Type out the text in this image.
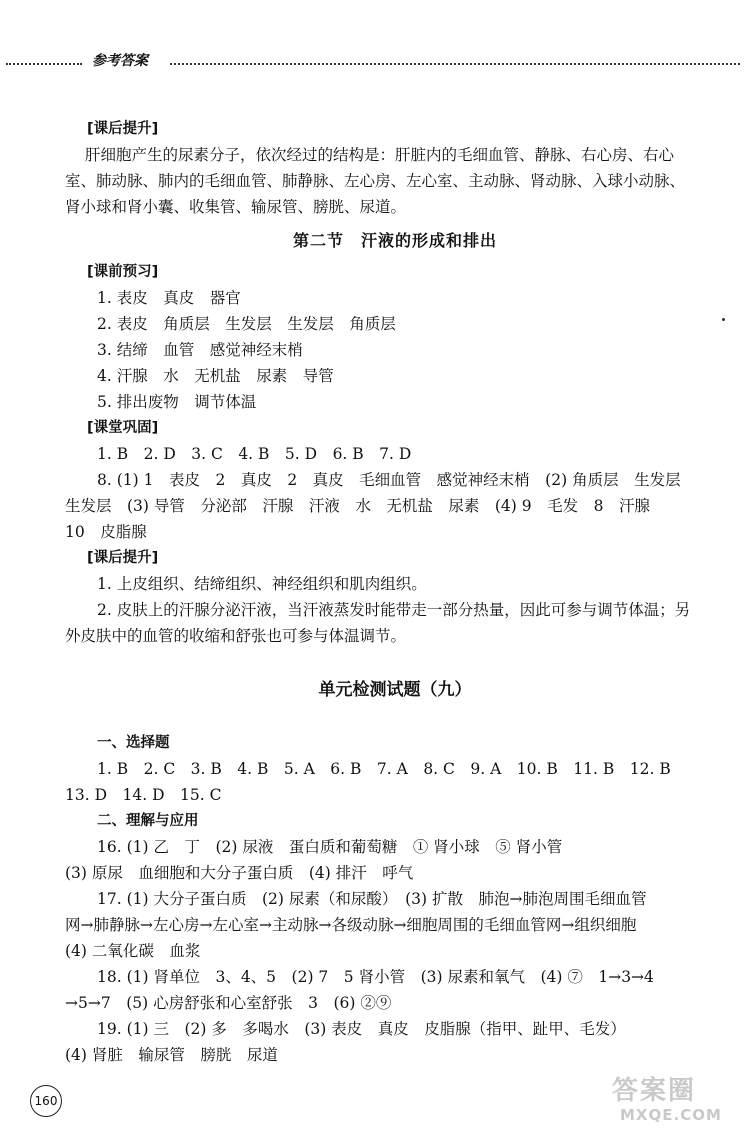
参考答案

[课后提升]

肝细胞产生的尿素分子，依次经过的结构是：肝脏内的毛细血管、静脉、右心房、右心

室、肺动脉、肺内的毛细血管、肺静脉、左心房、左心室、主动脉、肾动脉、入球小动脉、

肾小球和肾小囊、收集管、输尿管、膀胱、尿道。

第二节　汗液的形成和排出

[课前预习]

1. 表皮　真皮　器官

2. 表皮　角质层　生发层　生发层　角质层

3. 结缔　血管　感觉神经末梢

4. 汗腺　水　无机盐　尿素　导管

5. 排出废物　调节体温

[课堂巩固]

1. B　2. D　3. C　4. B　5. D　6. B　7. D

8. (1) 1　表皮　2　真皮　2　真皮　毛细血管　感觉神经末梢　(2) 角质层　生发层

生发层　(3) 导管　分泌部　汗腺　汗液　水　无机盐　尿素　(4) 9　毛发　8　汗腺

10　皮脂腺

[课后提升]

1. 上皮组织、结缔组织、神经组织和肌肉组织。

2. 皮肤上的汗腺分泌汗液，当汗液蒸发时能带走一部分热量，因此可参与调节体温；另

外皮肤中的血管的收缩和舒张也可参与体温调节。

单元检测试题（九）

一、选择题

1. B　2. C　3. B　4. B　5. A　6. B　7. A　8. C　9. A　10. B　11. B　12. B

13. D　14. D　15. C

二、理解与应用

16. (1) 乙　丁　(2) 尿液　蛋白质和葡萄糖　① 肾小球　⑤ 肾小管

(3) 原尿　血细胞和大分子蛋白质　(4) 排汗　呼气

17. (1) 大分子蛋白质　(2) 尿素（和尿酸）　(3) 扩散　肺泡→肺泡周围毛细血管

网→肺静脉→左心房→左心室→主动脉→各级动脉→细胞周围的毛细血管网→组织细胞

(4) 二氧化碳　血浆

18. (1) 肾单位　3、4、5　(2) 7　5 肾小管　(3) 尿素和氧气　(4) ⑦　1→3→4

→5→7　(5) 心房舒张和心室舒张　3　(6) ②⑨

19. (1) 三　(2) 多　多喝水　(3) 表皮　真皮　皮脂腺（指甲、趾甲、毛发）

(4) 肾脏　输尿管　膀胱　尿道

160	答案圈
MXQE.COM
